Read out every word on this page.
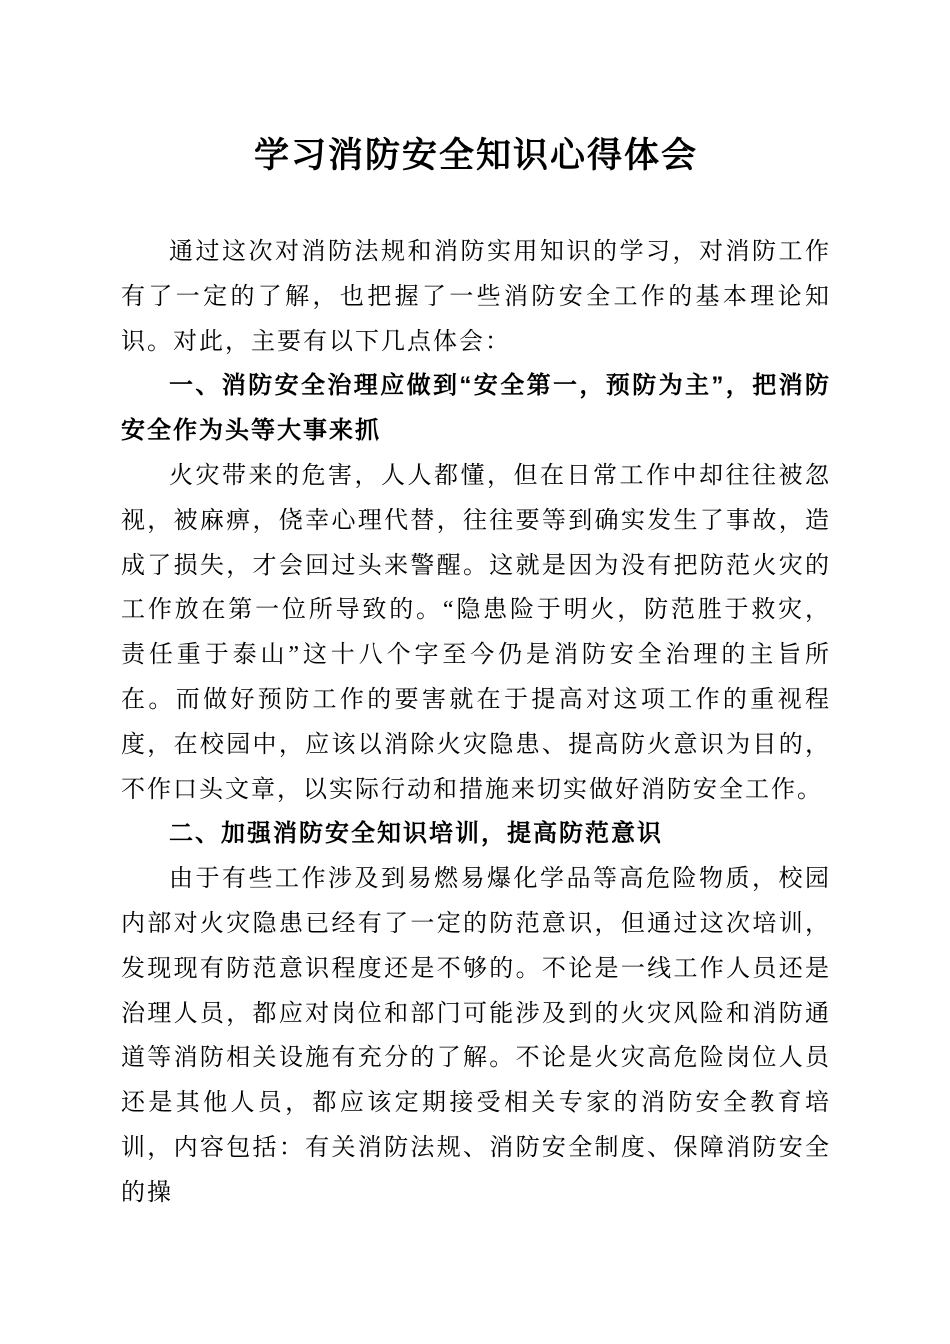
学习消防安全知识心得体会

通过这次对消防法规和消防实用知识的学习，对消防工作有了一定的了解，也把握了一些消防安全工作的基本理论知识。对此，主要有以下几点体会：

一、消防安全治理应做到“安全第一，预防为主”，把消防安全作为头等大事来抓

火灾带来的危害，人人都懂，但在日常工作中却往往被忽视，被麻痹，侥幸心理代替，往往要等到确实发生了事故，造成了损失，才会回过头来警醒。这就是因为没有把防范火灾的工作放在第一位所导致的。“隐患险于明火，防范胜于救灾，责任重于泰山”这十八个字至今仍是消防安全治理的主旨所在。而做好预防工作的要害就在于提高对这项工作的重视程度，在校园中，应该以消除火灾隐患、提高防火意识为目的，不作口头文章，以实际行动和措施来切实做好消防安全工作。

二、加强消防安全知识培训，提高防范意识

由于有些工作涉及到易燃易爆化学品等高危险物质，校园内部对火灾隐患已经有了一定的防范意识，但通过这次培训，发现现有防范意识程度还是不够的。不论是一线工作人员还是治理人员，都应对岗位和部门可能涉及到的火灾风险和消防通道等消防相关设施有充分的了解。不论是火灾高危险岗位人员还是其他人员，都应该定期接受相关专家的消防安全教育培训，内容包括：有关消防法规、消防安全制度、保障消防安全的操
